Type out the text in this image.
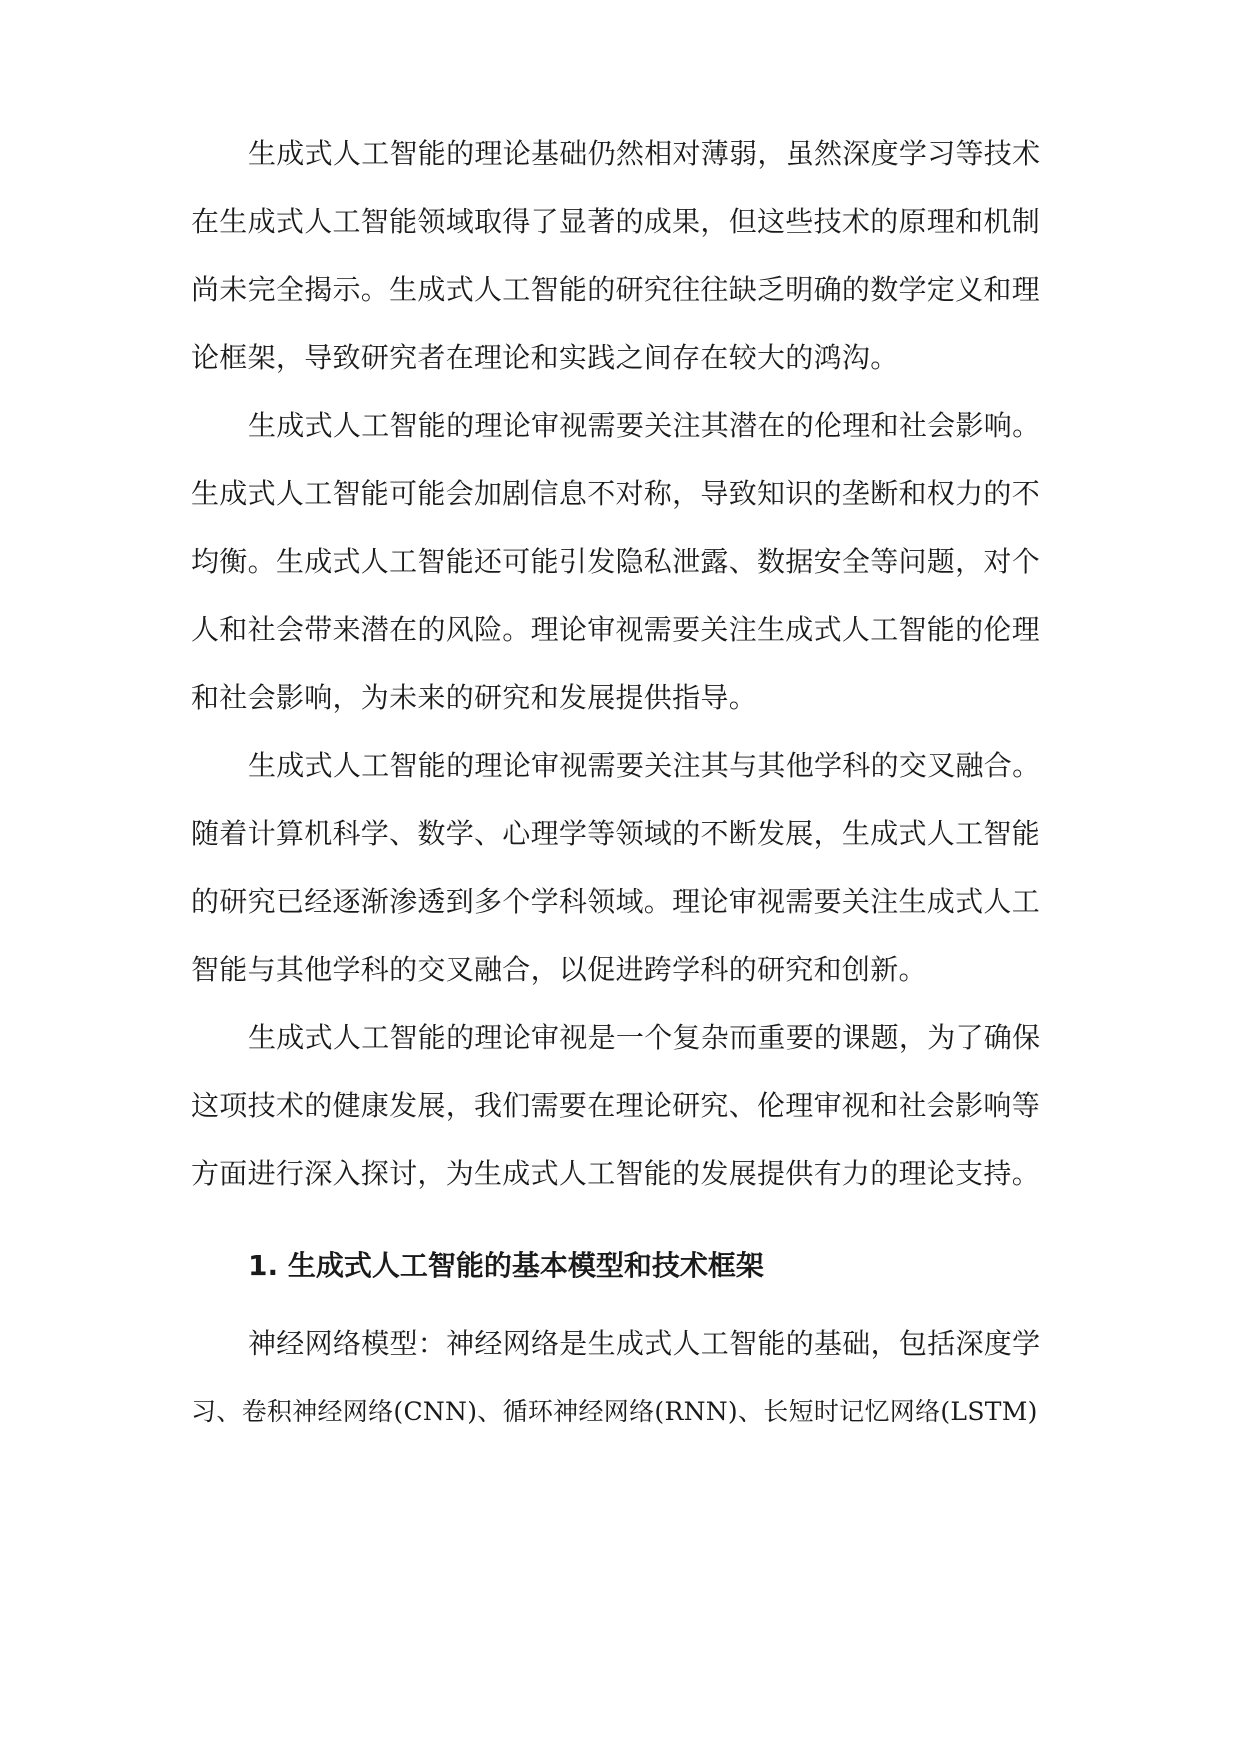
生成式人工智能的理论基础仍然相对薄弱，虽然深度学习等技术
在生成式人工智能领域取得了显著的成果，但这些技术的原理和机制
尚未完全揭示。生成式人工智能的研究往往缺乏明确的数学定义和理
论框架，导致研究者在理论和实践之间存在较大的鸿沟。
生成式人工智能的理论审视需要关注其潜在的伦理和社会影响。
生成式人工智能可能会加剧信息不对称，导致知识的垄断和权力的不
均衡。生成式人工智能还可能引发隐私泄露、数据安全等问题，对个
人和社会带来潜在的风险。理论审视需要关注生成式人工智能的伦理
和社会影响，为未来的研究和发展提供指导。
生成式人工智能的理论审视需要关注其与其他学科的交叉融合。
随着计算机科学、数学、心理学等领域的不断发展，生成式人工智能
的研究已经逐渐渗透到多个学科领域。理论审视需要关注生成式人工
智能与其他学科的交叉融合，以促进跨学科的研究和创新。
生成式人工智能的理论审视是一个复杂而重要的课题，为了确保
这项技术的健康发展，我们需要在理论研究、伦理审视和社会影响等
方面进行深入探讨，为生成式人工智能的发展提供有力的理论支持。
1. 生成式人工智能的基本模型和技术框架
神经网络模型：神经网络是生成式人工智能的基础，包括深度学
习、卷积神经网络(CNN)、循环神经网络(RNN)、长短时记忆网络(LSTM)
